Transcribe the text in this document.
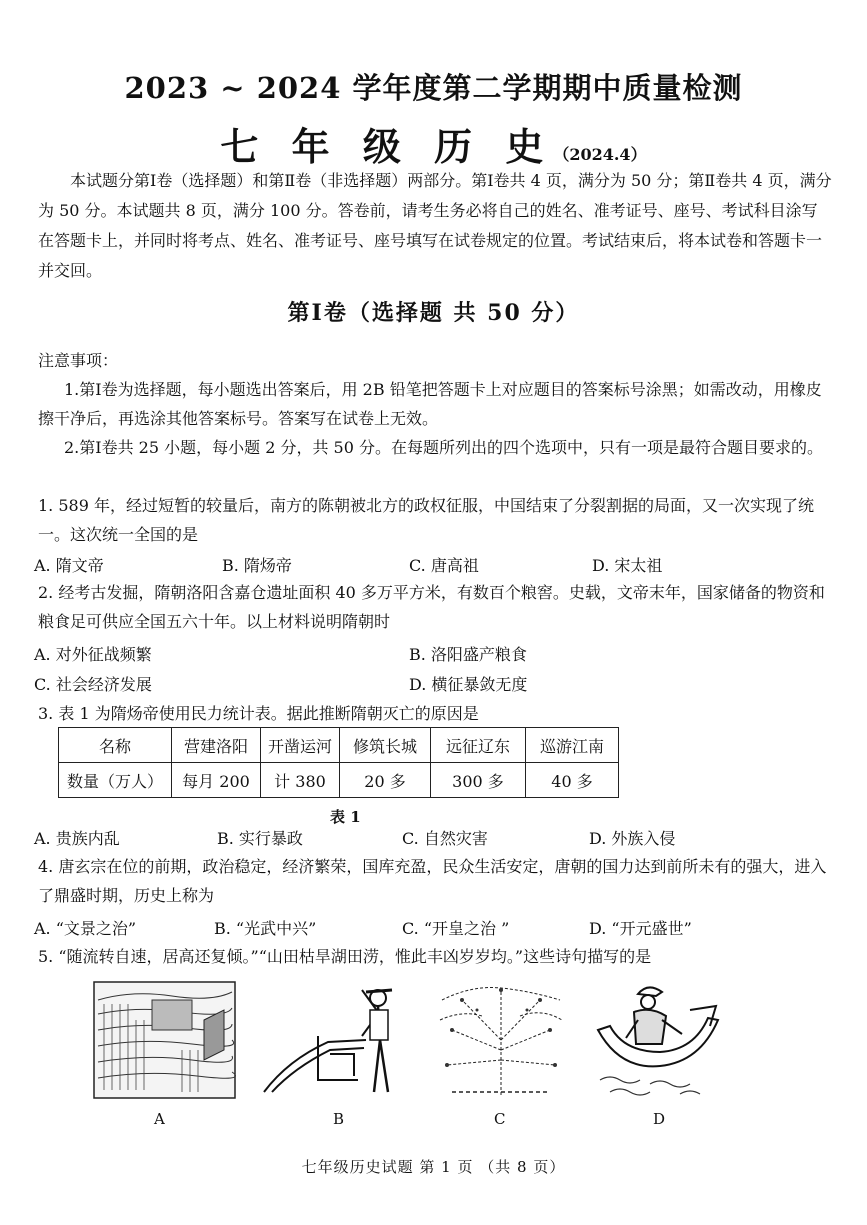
2023 ~ 2024 学年度第二学期期中质量检测
七 年 级 历 史（2024.4）

本试题分第Ⅰ卷（选择题）和第Ⅱ卷（非选择题）两部分。第Ⅰ卷共 4 页，满分为 50 分；第Ⅱ卷共 4 页，满分为 50 分。本试题共 8 页，满分 100 分。答卷前，请考生务必将自己的姓名、准考证号、座号、考试科目涂写在答题卡上，并同时将考点、姓名、准考证号、座号填写在试卷规定的位置。考试结束后，将本试卷和答题卡一并交回。

第Ⅰ卷（选择题 共 50 分）
注意事项：

1.第Ⅰ卷为选择题，每小题选出答案后，用 2B 铅笔把答题卡上对应题目的答案标号涂黑；如需改动，用橡皮擦干净后，再选涂其他答案标号。答案写在试卷上无效。

2.第Ⅰ卷共 25 小题，每小题 2 分，共 50 分。在每题所列出的四个选项中，只有一项是最符合题目要求的。

1. 589 年，经过短暂的较量后，南方的陈朝被北方的政权征服，中国结束了分裂割据的局面，又一次实现了统一。这次统一全国的是

A. 隋文帝	B. 隋炀帝	C. 唐高祖	D. 宋太祖

2. 经考古发掘，隋朝洛阳含嘉仓遗址面积 40 多万平方米，有数百个粮窖。史载，文帝末年，国家储备的物资和粮食足可供应全国五六十年。以上材料说明隋朝时

A. 对外征战频繁	B. 洛阳盛产粮食
C. 社会经济发展	D. 横征暴敛无度

3. 表 1 为隋炀帝使用民力统计表。据此推断隋朝灭亡的原因是

名称	营建洛阳	开凿运河	修筑长城	远征辽东	巡游江南
数量（万人）	每月 200	计 380	20 多	300 多	40 多
表 1
A. 贵族内乱	B. 实行暴政	C. 自然灾害	D. 外族入侵

4. 唐玄宗在位的前期，政治稳定，经济繁荣，国库充盈，民众生活安定，唐朝的国力达到前所未有的强大，进入了鼎盛时期，历史上称为

A. “文景之治”	B. “光武中兴”	C. “开皇之治 ”	D. “开元盛世”

5. “随流转自速，居高还复倾。”“山田枯旱湖田涝，惟此丰凶岁岁均。”这些诗句描写的是

A	B	C	D
七年级历史试题 第 1 页 （共 8 页）
